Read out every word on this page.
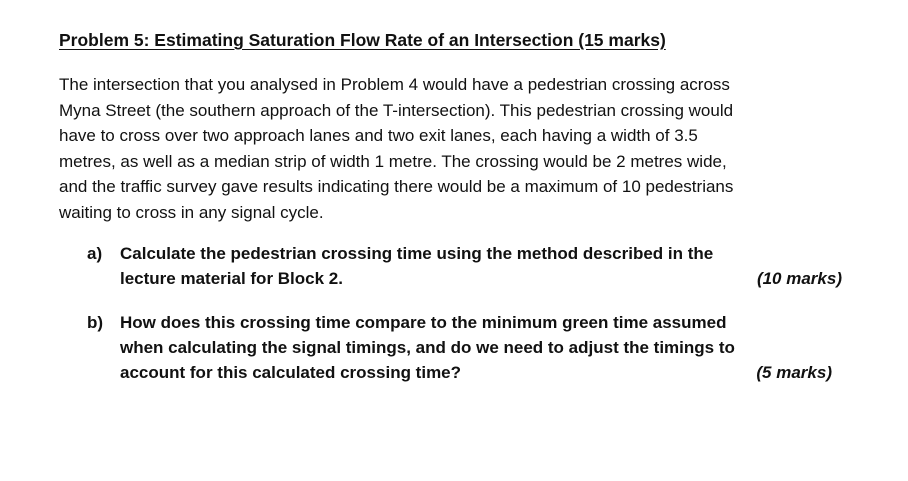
Problem 5: Estimating Saturation Flow Rate of an Intersection (15 marks)
The intersection that you analysed in Problem 4 would have a pedestrian crossing across
Myna Street (the southern approach of the T-intersection). This pedestrian crossing would
have to cross over two approach lanes and two exit lanes, each having a width of 3.5
metres, as well as a median strip of width 1 metre. The crossing would be 2 metres wide,
and the traffic survey gave results indicating there would be a maximum of 10 pedestrians
waiting to cross in any signal cycle.
a) Calculate the pedestrian crossing time using the method described in the
lecture material for Block 2.	(10 marks)
b) How does this crossing time compare to the minimum green time assumed
when calculating the signal timings, and do we need to adjust the timings to
account for this calculated crossing time?	(5 marks)
